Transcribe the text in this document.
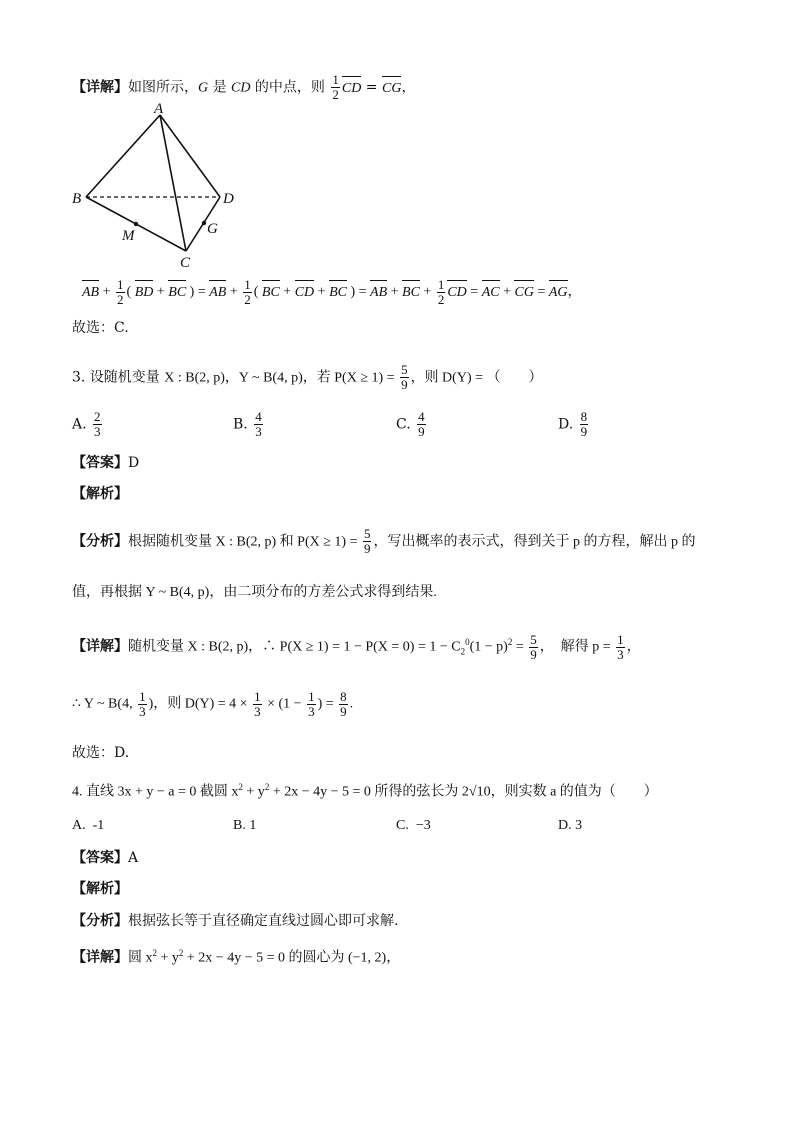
【详解】如图所示，G 是 CD 的中点，则 $\frac{1}{2}$ CD = CG，
A
B
C
D
M	G
AB + $\frac{1}{2}$ ( BD + BC ) = AB + $\frac{1}{2}$ ( BC + CD + BC ) = AB + BC + $\frac{1}{2}$ CD = AC + CG = AG，
故选：C.
3. 设随机变量 X : B(2, p)，Y ~ B(4, p)，若 $P(X \ge 1) = \frac{5}{9}$ ，则 D(Y) = （　　）
A. $\frac{2}{3}$	B. $\frac{4}{3}$	C. $\frac{4}{9}$	D. $\frac{8}{9}$
【答案】D
【解析】
【分析】根据随机变量 X : B(2, p) 和 $P(X \ge 1) = \frac{5}{9}$ ，写出概率的表示式，得到关于 p 的方程，解出 p 的
值，再根据 Y ~ B(4, p)，由二项分布的方差公式求得到结果.
【详解】随机变量 X : B(2, p)，∴ $P(X \ge 1) = 1 - P(X = 0) = 1 - C_2^0(1 - p)^2 = \frac{5}{9}$ ，　解得 $p = \frac{1}{3}$ ，
∴ Y ~ B(4, $\frac{1}{3}$ )，则 $D(Y) = 4 \times \frac{1}{3} \times (1 - \frac{1}{3}$ ) = $\frac{8}{9}$ .
故选：D.
4. 直线 3x + y − a = 0 截圆 $x^2 + y^2 + 2x - 4y - 5 = 0$ 所得的弦长为 2√10，则实数 a 的值为（　　）
A. -1	B. 1	C. −3	D. 3
【答案】A
【解析】
【分析】根据弦长等于直径确定直线过圆心即可求解.
【详解】圆 $x^2 + y^2 + 2x - 4y - 5 = 0$ 的圆心为 (−1, 2)，
